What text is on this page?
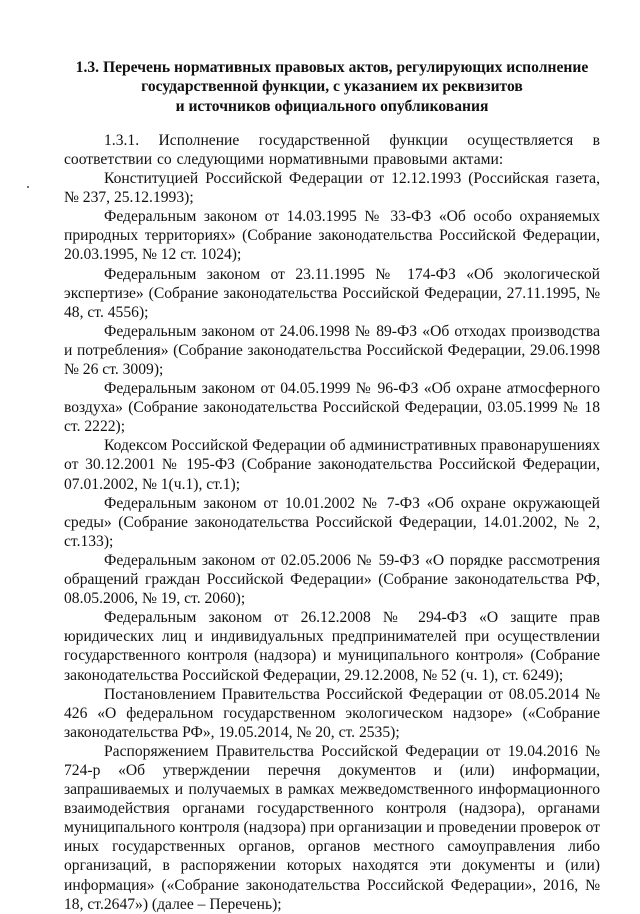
1.3. Перечень нормативных правовых актов, регулирующих исполнение
государственной функции, с указанием их реквизитов
и источников официального опубликования

1.3.1. Исполнение государственной функции осуществляется в соответствии со следующими нормативными правовыми актами:

Конституцией Российской Федерации от 12.12.1993 (Российская газета, № 237, 25.12.1993);

Федеральным законом от 14.03.1995 № 33-ФЗ «Об особо охраняемых природных территориях» (Собрание законодательства Российской Федерации, 20.03.1995, № 12 ст. 1024);

Федеральным законом от 23.11.1995 № 174-ФЗ «Об экологической экспертизе» (Собрание законодательства Российской Федерации, 27.11.1995, № 48, ст. 4556);

Федеральным законом от 24.06.1998 № 89-ФЗ «Об отходах производства и потребления» (Собрание законодательства Российской Федерации, 29.06.1998 № 26 ст. 3009);

Федеральным законом от 04.05.1999 № 96-ФЗ «Об охране атмосферного воздуха» (Собрание законодательства Российской Федерации, 03.05.1999 № 18 ст. 2222);

Кодексом Российской Федерации об административных правонарушениях от 30.12.2001 № 195-ФЗ (Собрание законодательства Российской Федерации, 07.01.2002, № 1(ч.1), ст.1);

Федеральным законом от 10.01.2002 № 7-ФЗ «Об охране окружающей среды» (Собрание законодательства Российской Федерации, 14.01.2002, № 2, ст.133);

Федеральным законом от 02.05.2006 № 59-ФЗ «О порядке рассмотрения обращений граждан Российской Федерации» (Собрание законодательства РФ, 08.05.2006, № 19, ст. 2060);

Федеральным законом от 26.12.2008 № 294-ФЗ «О защите прав юридических лиц и индивидуальных предпринимателей при осуществлении государственного контроля (надзора) и муниципального контроля» (Собрание законодательства Российской Федерации, 29.12.2008, № 52 (ч. 1), ст. 6249);

Постановлением Правительства Российской Федерации от 08.05.2014 № 426 «О федеральном государственном экологическом надзоре» («Собрание законодательства РФ», 19.05.2014, № 20, ст. 2535);

Распоряжением Правительства Российской Федерации от 19.04.2016 № 724-р «Об утверждении перечня документов и (или) информации, запрашиваемых и получаемых в рамках межведомственного информационного взаимодействия органами государственного контроля (надзора), органами муниципального контроля (надзора) при организации и проведении проверок от иных государственных органов, органов местного самоуправления либо организаций, в распоряжении которых находятся эти документы и (или) информация» («Собрание законодательства Российской Федерации», 2016, № 18, ст.2647») (далее – Перечень);
